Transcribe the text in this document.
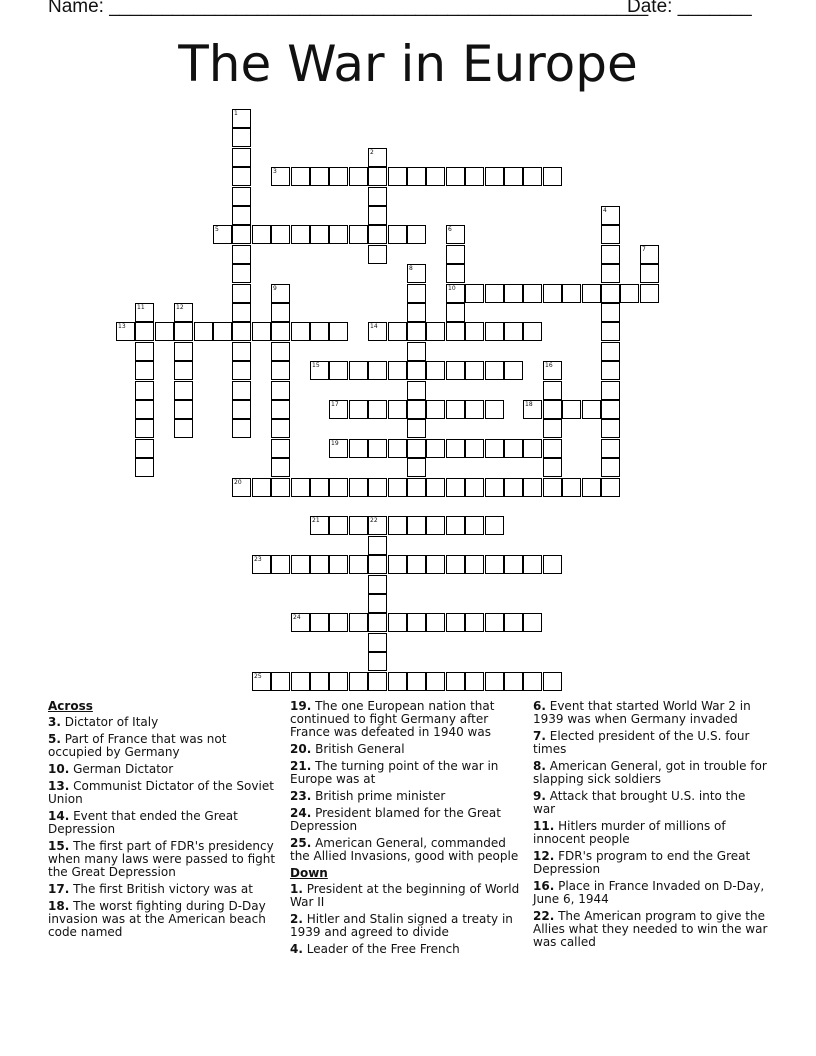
Name: ___________________________________________________
Date: _______
The War in Europe
1
2
3
4
5	6
7
8
9	10
11	12
13	14
15	16
17	18
19
20
21	22
23
24
25
Across
3. Dictator of Italy
5. Part of France that was not occupied by Germany
10. German Dictator
13. Communist Dictator of the Soviet Union
14. Event that ended the Great Depression
15. The first part of FDR's presidency when many laws were passed to fight the Great Depression
17. The first British victory was at
18. The worst fighting during D-Day invasion was at the American beach code named
19. The one European nation that continued to fight Germany after France was defeated in 1940 was
20. British General
21. The turning point of the war in Europe was at
23. British prime minister
24. President blamed for the Great Depression
25. American General, commanded the Allied Invasions, good with people
Down
1. President at the beginning of World War II
2. Hitler and Stalin signed a treaty in 1939 and agreed to divide
4. Leader of the Free French
6. Event that started World War 2 in 1939 was when Germany invaded
7. Elected president of the U.S. four times
8. American General, got in trouble for slapping sick soldiers
9. Attack that brought U.S. into the war
11. Hitlers murder of millions of innocent people
12. FDR's program to end the Great Depression
16. Place in France Invaded on D-Day, June 6, 1944
22. The American program to give the Allies what they needed to win the war was called
